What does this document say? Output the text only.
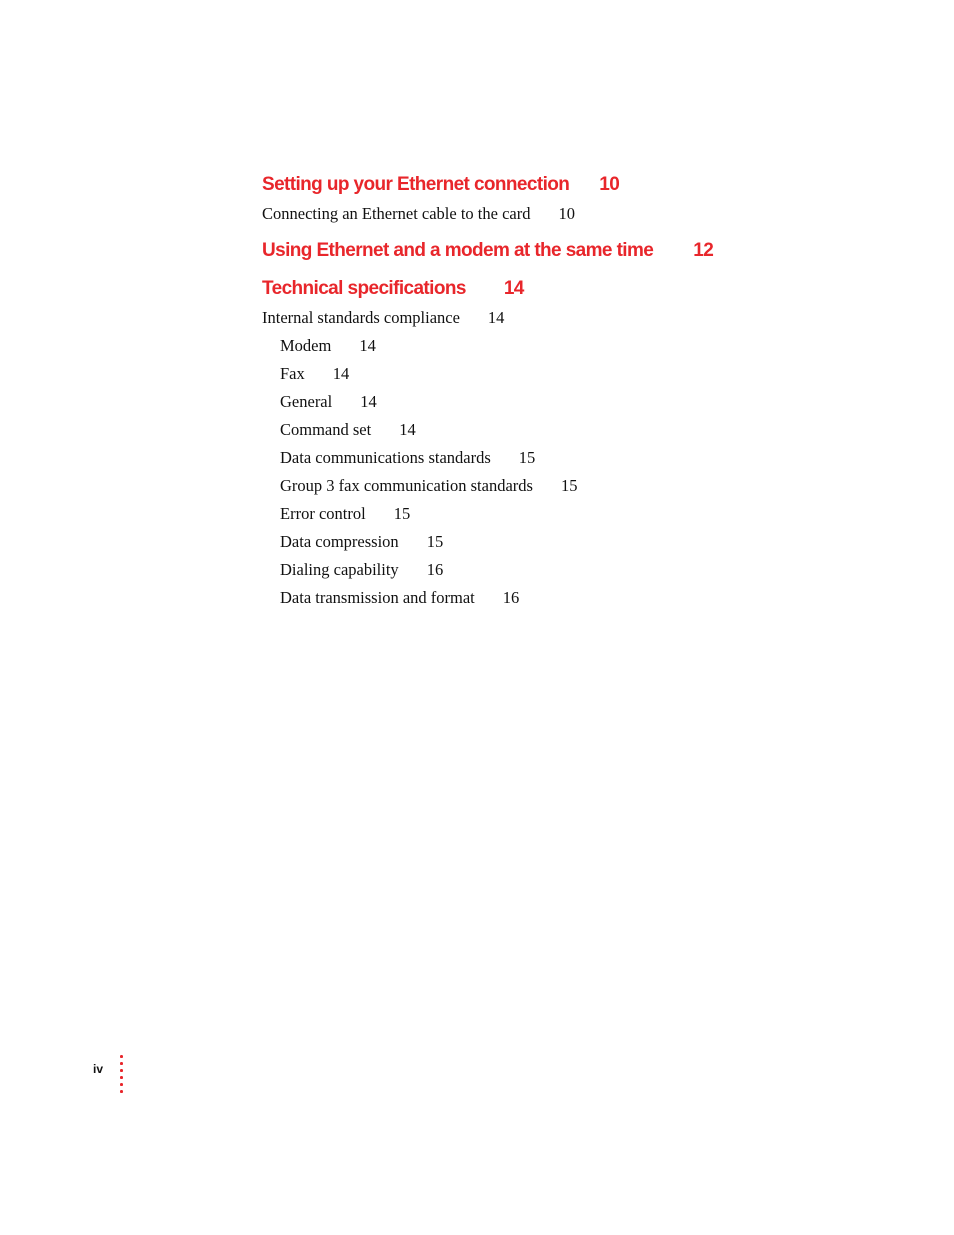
Setting up your Ethernet connection 10
Connecting an Ethernet cable to the card 10
Using Ethernet and a modem at the same time 12
Technical specifications 14
Internal standards compliance 14
Modem 14
Fax 14
General 14
Command set 14
Data communications standards 15
Group 3 fax communication standards 15
Error control 15
Data compression 15
Dialing capability 16
Data transmission and format 16
iv
